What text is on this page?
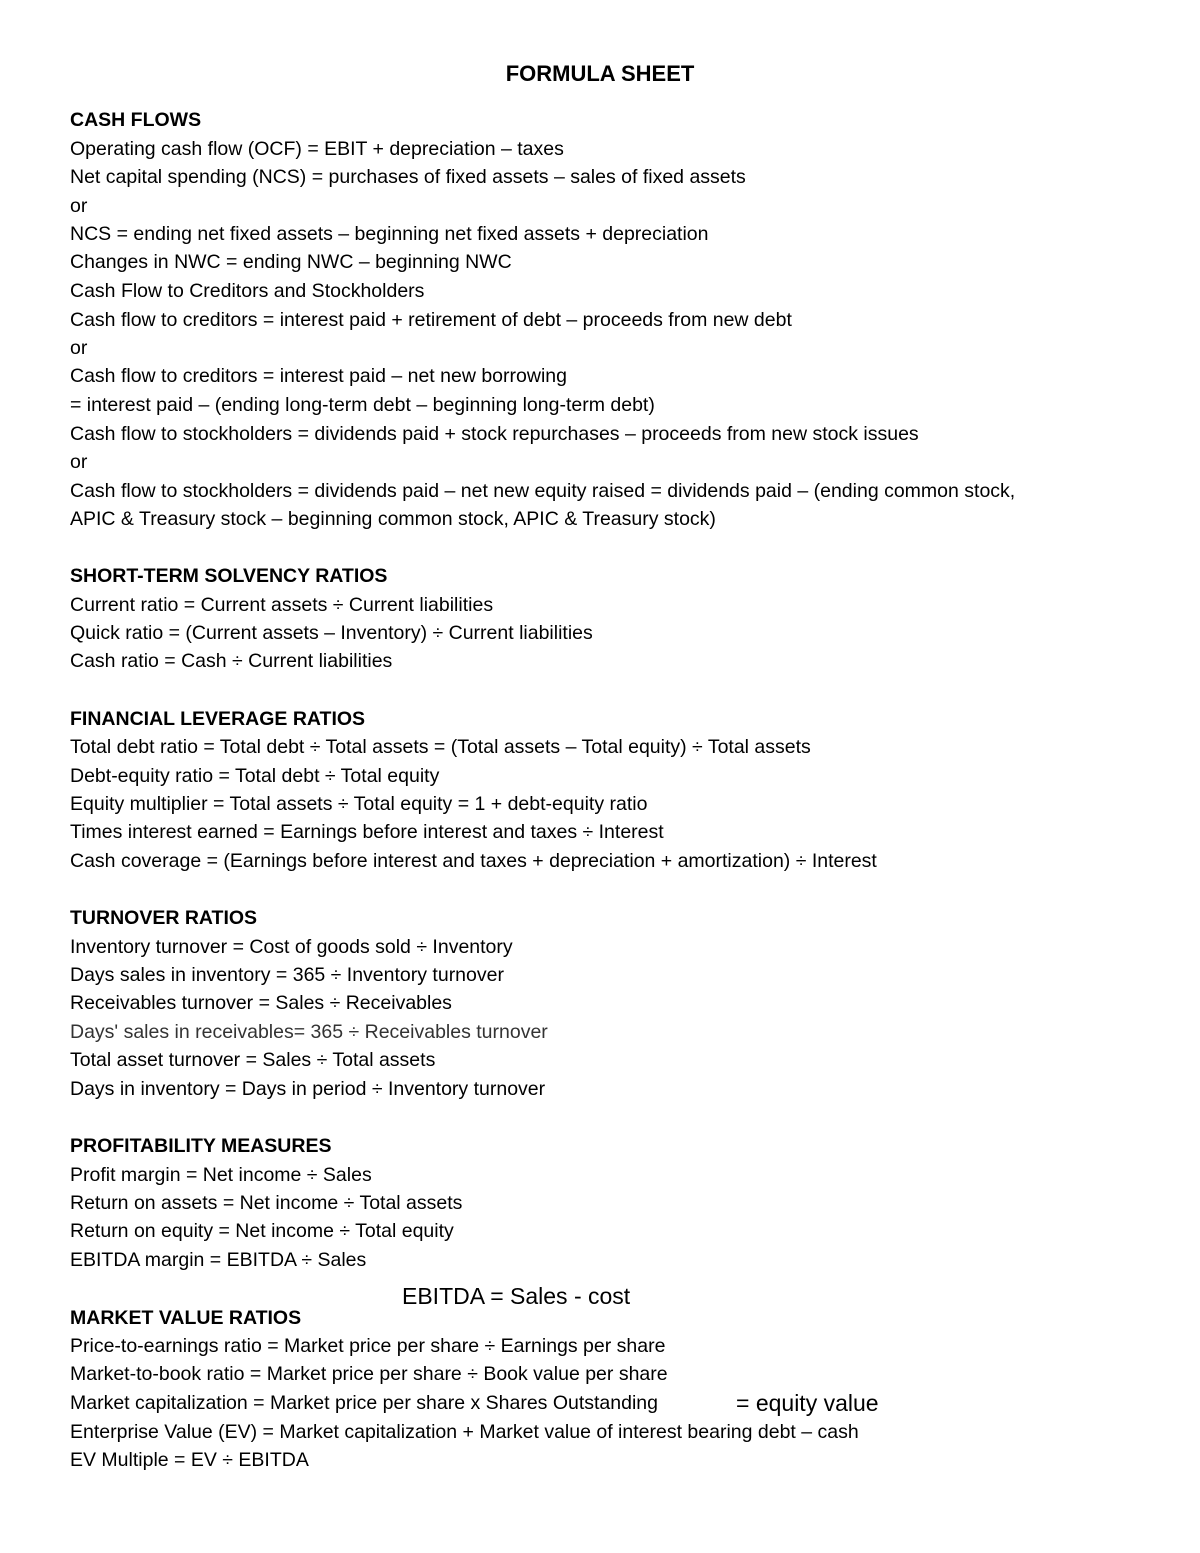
FORMULA SHEET
CASH FLOWS
Operating cash flow (OCF) = EBIT + depreciation – taxes
Net capital spending (NCS) = purchases of fixed assets – sales of fixed assets
or
NCS = ending net fixed assets – beginning net fixed assets + depreciation
Changes in NWC = ending NWC – beginning NWC
Cash Flow to Creditors and Stockholders
Cash flow to creditors = interest paid + retirement of debt – proceeds from new debt
or
Cash flow to creditors = interest paid – net new borrowing
= interest paid – (ending long-term debt – beginning long-term debt)
Cash flow to stockholders = dividends paid + stock repurchases – proceeds from new stock issues
or
Cash flow to stockholders = dividends paid – net new equity raised = dividends paid – (ending common stock,
APIC & Treasury stock – beginning common stock, APIC & Treasury stock)
SHORT-TERM SOLVENCY RATIOS
Current ratio = Current assets ÷ Current liabilities
Quick ratio = (Current assets – Inventory) ÷ Current liabilities
Cash ratio = Cash ÷ Current liabilities
FINANCIAL LEVERAGE RATIOS
Total debt ratio = Total debt ÷ Total assets = (Total assets – Total equity) ÷ Total assets
Debt-equity ratio = Total debt ÷ Total equity
Equity multiplier = Total assets ÷ Total equity = 1 + debt-equity ratio
Times interest earned = Earnings before interest and taxes ÷ Interest
Cash coverage = (Earnings before interest and taxes + depreciation + amortization) ÷ Interest
TURNOVER RATIOS
Inventory turnover = Cost of goods sold ÷ Inventory
Days sales in inventory = 365 ÷ Inventory turnover
Receivables turnover = Sales ÷ Receivables
Days' sales in receivables= 365 ÷ Receivables turnover
Total asset turnover = Sales ÷ Total assets
Days in inventory = Days in period ÷ Inventory turnover
PROFITABILITY MEASURES
Profit margin = Net income ÷ Sales
Return on assets = Net income ÷ Total assets
Return on equity = Net income ÷ Total equity
EBITDA margin = EBITDA ÷ Sales
EBITDA = Sales - cost
MARKET VALUE RATIOS
Price-to-earnings ratio = Market price per share ÷ Earnings per share
Market-to-book ratio = Market price per share ÷ Book value per share
Market capitalization = Market price per share x Shares Outstanding	= equity value
Enterprise Value (EV) = Market capitalization + Market value of interest bearing debt – cash
EV Multiple = EV ÷ EBITDA
